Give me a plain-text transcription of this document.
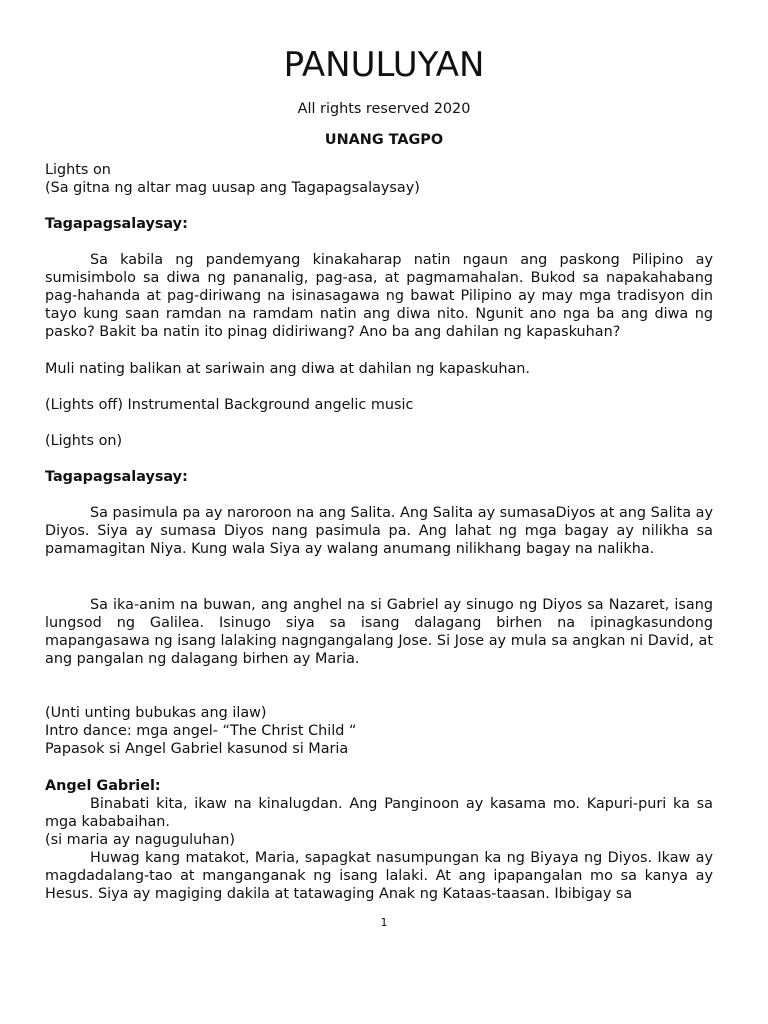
PANULUYAN
All rights reserved 2020
UNANG TAGPO
Lights on
(Sa gitna ng altar mag uusap ang Tagapagsalaysay)
Tagapagsalaysay:
Sa kabila ng pandemyang kinakaharap natin ngaun ang paskong Pilipino ay sumisimbolo sa diwa ng pananalig, pag-asa, at pagmamahalan. Bukod sa napakahabang pag-hahanda at pag-diriwang na isinasagawa ng bawat Pilipino ay may mga tradisyon din tayo kung saan ramdan na ramdam natin ang diwa nito. Ngunit ano nga ba ang diwa ng pasko? Bakit ba natin ito pinag didiriwang? Ano ba ang dahilan ng kapaskuhan?
Muli nating balikan at sariwain ang diwa at dahilan ng kapaskuhan.
(Lights off) Instrumental Background angelic music
(Lights on)
Tagapagsalaysay:
Sa pasimula pa ay naroroon na ang Salita. Ang Salita ay sumasaDiyos at ang Salita ay Diyos. Siya ay sumasa Diyos nang pasimula pa. Ang lahat ng mga bagay ay nilikha sa pamamagitan Niya. Kung wala Siya ay walang anumang nilikhang bagay na nalikha.
Sa ika-anim na buwan, ang anghel na si Gabriel ay sinugo ng Diyos sa Nazaret, isang lungsod ng Galilea. Isinugo siya sa isang dalagang birhen na ipinagkasundong mapangasawa ng isang lalaking nagngangalang Jose. Si Jose ay mula sa angkan ni David, at ang pangalan ng dalagang birhen ay Maria.
(Unti unting bubukas ang ilaw)
Intro dance: mga angel- “The Christ Child “
Papasok si Angel Gabriel kasunod si Maria
Angel Gabriel:
Binabati kita, ikaw na kinalugdan. Ang Panginoon ay kasama mo. Kapuri-puri ka sa mga kababaihan.
(si maria ay naguguluhan)
Huwag kang matakot, Maria, sapagkat nasumpungan ka ng Biyaya ng Diyos. Ikaw ay magdadalang-tao at manganganak ng isang lalaki. At ang ipapangalan mo sa kanya ay Hesus. Siya ay magiging dakila at tatawaging Anak ng Kataas-taasan. Ibibigay sa
1
